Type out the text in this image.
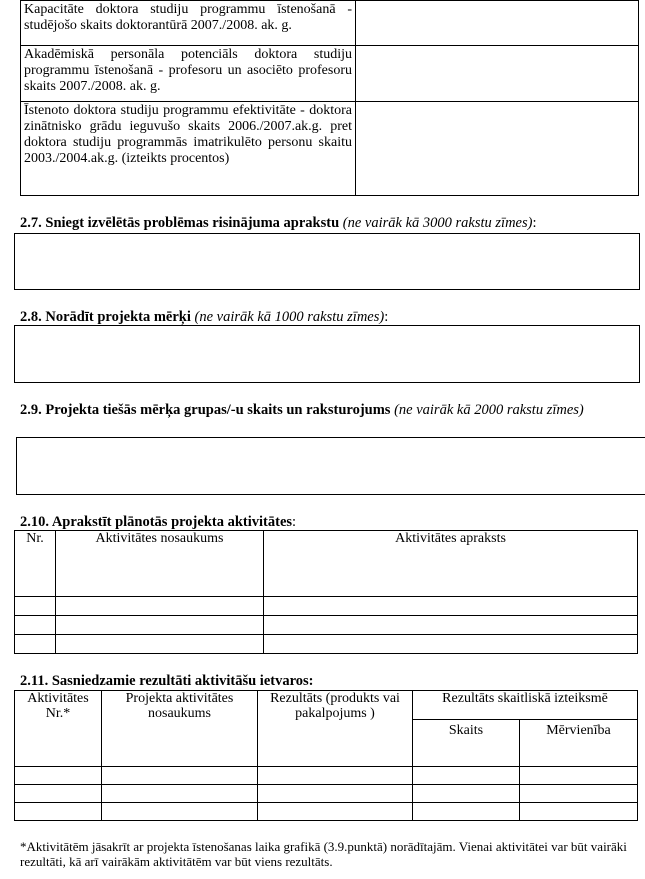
Kapacitāte doktora studiju programmu īstenošanā - studējošo skaits doktorantūrā 2007./2008. ak. g.	
Akadēmiskā personāla potenciāls doktora studiju programmu īstenošanā - profesoru un asociēto profesoru skaits 2007./2008. ak. g.	
Īstenoto doktora studiju programmu efektivitāte - doktora zinātnisko grādu ieguvušo skaits 2006./2007.ak.g. pret doktora studiju programmās imatrikulēto personu skaitu 2003./2004.ak.g. (izteikts procentos)	
2.7. Sniegt izvēlētās problēmas risinājuma aprakstu (ne vairāk kā 3000 rakstu zīmes):
2.8. Norādīt projekta mērķi (ne vairāk kā 1000 rakstu zīmes):
2.9. Projekta tiešās mērķa grupas/-u skaits un raksturojums (ne vairāk kā 2000 rakstu zīmes)
2.10. Aprakstīt plānotās projekta aktivitātes:
Nr.	Aktivitātes nosaukums	Aktivitātes apraksts

2.11. Sasniedzamie rezultāti aktivitāšu ietvaros:
Aktivitātes Nr.*	Projekta aktivitātes nosaukums	Rezultāts (produkts vai pakalpojums )	Rezultāts skaitliskā izteiksmē	
			Skaits	Mērvienība

*Aktivitātēm jāsakrīt ar projekta īstenošanas laika grafikā (3.9.punktā) norādītajām. Vienai aktivitātei var būt vairāki rezultāti, kā arī vairākām aktivitātēm var būt viens rezultāts.
